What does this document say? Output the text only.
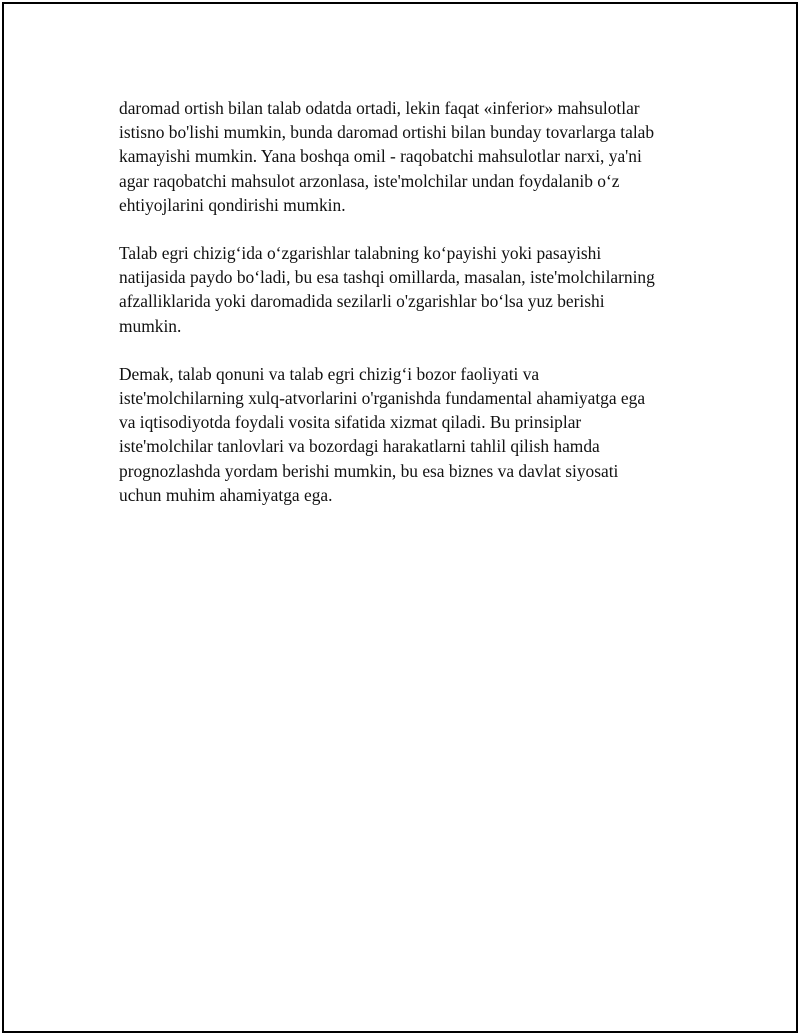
daromad ortish bilan talab odatda ortadi, lekin faqat «inferior» mahsulotlar
istisno bo'lishi mumkin, bunda daromad ortishi bilan bunday tovarlarga talab
kamayishi mumkin. Yana boshqa omil - raqobatchi mahsulotlar narxi, ya'ni
agar raqobatchi mahsulot arzonlasa, iste'molchilar undan foydalanib o‘z
ehtiyojlarini qondirishi mumkin.

Talab egri chizig‘ida o‘zgarishlar talabning ko‘payishi yoki pasayishi
natijasida paydo bo‘ladi, bu esa tashqi omillarda, masalan, iste'molchilarning
afzalliklarida yoki daromadida sezilarli o'zgarishlar bo‘lsa yuz berishi
mumkin.

Demak, talab qonuni va talab egri chizig‘i bozor faoliyati va
iste'molchilarning xulq-atvorlarini o'rganishda fundamental ahamiyatga ega
va iqtisodiyotda foydali vosita sifatida xizmat qiladi. Bu prinsiplar
iste'molchilar tanlovlari va bozordagi harakatlarni tahlil qilish hamda
prognozlashda yordam berishi mumkin, bu esa biznes va davlat siyosati
uchun muhim ahamiyatga ega.
